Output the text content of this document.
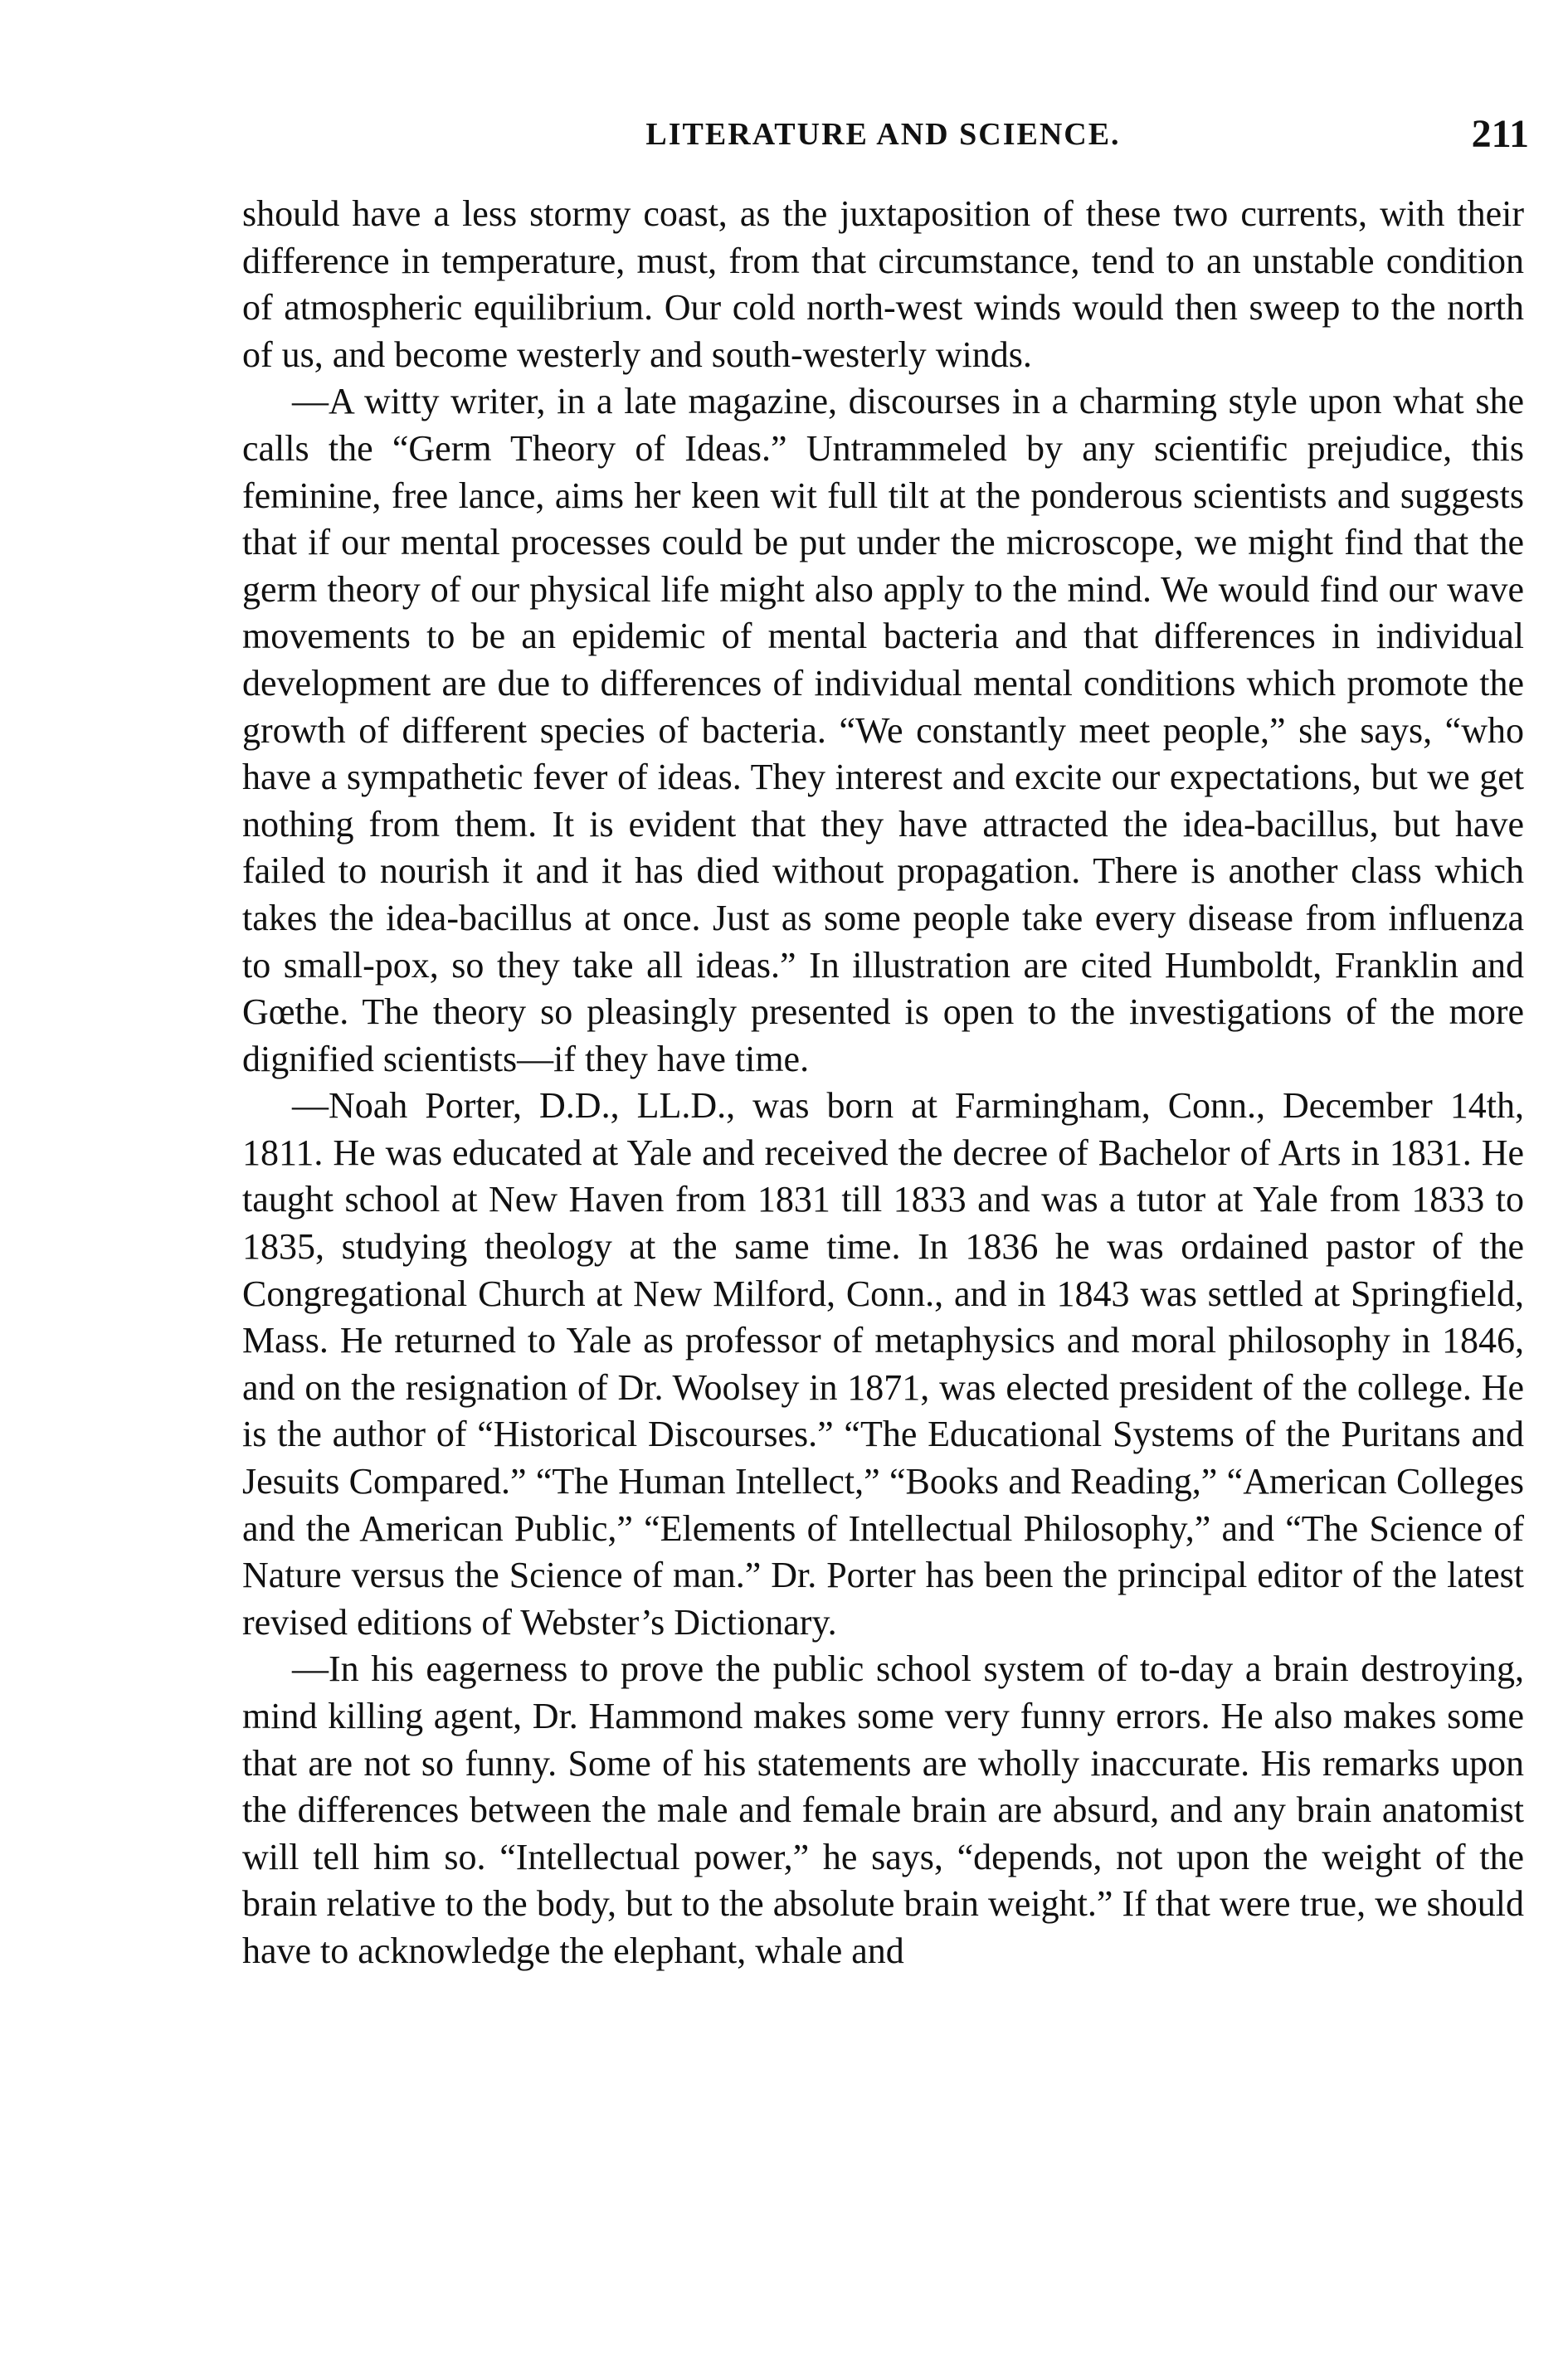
LITERATURE AND SCIENCE.	211

should have a less stormy coast, as the juxtaposition of these two currents, with their difference in temperature, must, from that circumstance, tend to an unstable condition of atmospheric equilibrium. Our cold north-west winds would then sweep to the north of us, and become westerly and south-westerly winds.

—A witty writer, in a late magazine, discourses in a charming style upon what she calls the “Germ Theory of Ideas.” Untrammeled by any scientific prejudice, this feminine, free lance, aims her keen wit full tilt at the ponderous scientists and suggests that if our mental processes could be put under the microscope, we might find that the germ theory of our physical life might also apply to the mind. We would find our wave movements to be an epidemic of mental bacteria and that differences in individual development are due to differences of individual mental conditions which promote the growth of different species of bacteria. “We constantly meet people,” she says, “who have a sympathetic fever of ideas. They interest and excite our expectations, but we get nothing from them. It is evident that they have attracted the idea-bacillus, but have failed to nourish it and it has died without propagation. There is another class which takes the idea-bacillus at once. Just as some people take every disease from influenza to small-pox, so they take all ideas.” In illustration are cited Humboldt, Franklin and Gœthe. The theory so pleasingly presented is open to the investigations of the more dignified scientists—if they have time.

—Noah Porter, D.D., LL.D., was born at Farmingham, Conn., December 14th, 1811. He was educated at Yale and received the decree of Bachelor of Arts in 1831. He taught school at New Haven from 1831 till 1833 and was a tutor at Yale from 1833 to 1835, studying theology at the same time. In 1836 he was ordained pastor of the Congregational Church at New Milford, Conn., and in 1843 was settled at Springfield, Mass. He returned to Yale as professor of metaphysics and moral philosophy in 1846, and on the resignation of Dr. Woolsey in 1871, was elected president of the college. He is the author of “Historical Discourses.” “The Educational Systems of the Puritans and Jesuits Compared.” “The Human Intellect,” “Books and Reading,” “American Colleges and the American Public,” “Elements of Intellectual Philosophy,” and “The Science of Nature versus the Science of man.” Dr. Porter has been the principal editor of the latest revised editions of Webster’s Dictionary.

—In his eagerness to prove the public school system of to-day a brain destroying, mind killing agent, Dr. Hammond makes some very funny errors. He also makes some that are not so funny. Some of his statements are wholly inaccurate. His remarks upon the differences between the male and female brain are absurd, and any brain anatomist will tell him so. “Intellectual power,” he says, “depends, not upon the weight of the brain relative to the body, but to the absolute brain weight.” If that were true, we should have to acknowledge the elephant, whale and
